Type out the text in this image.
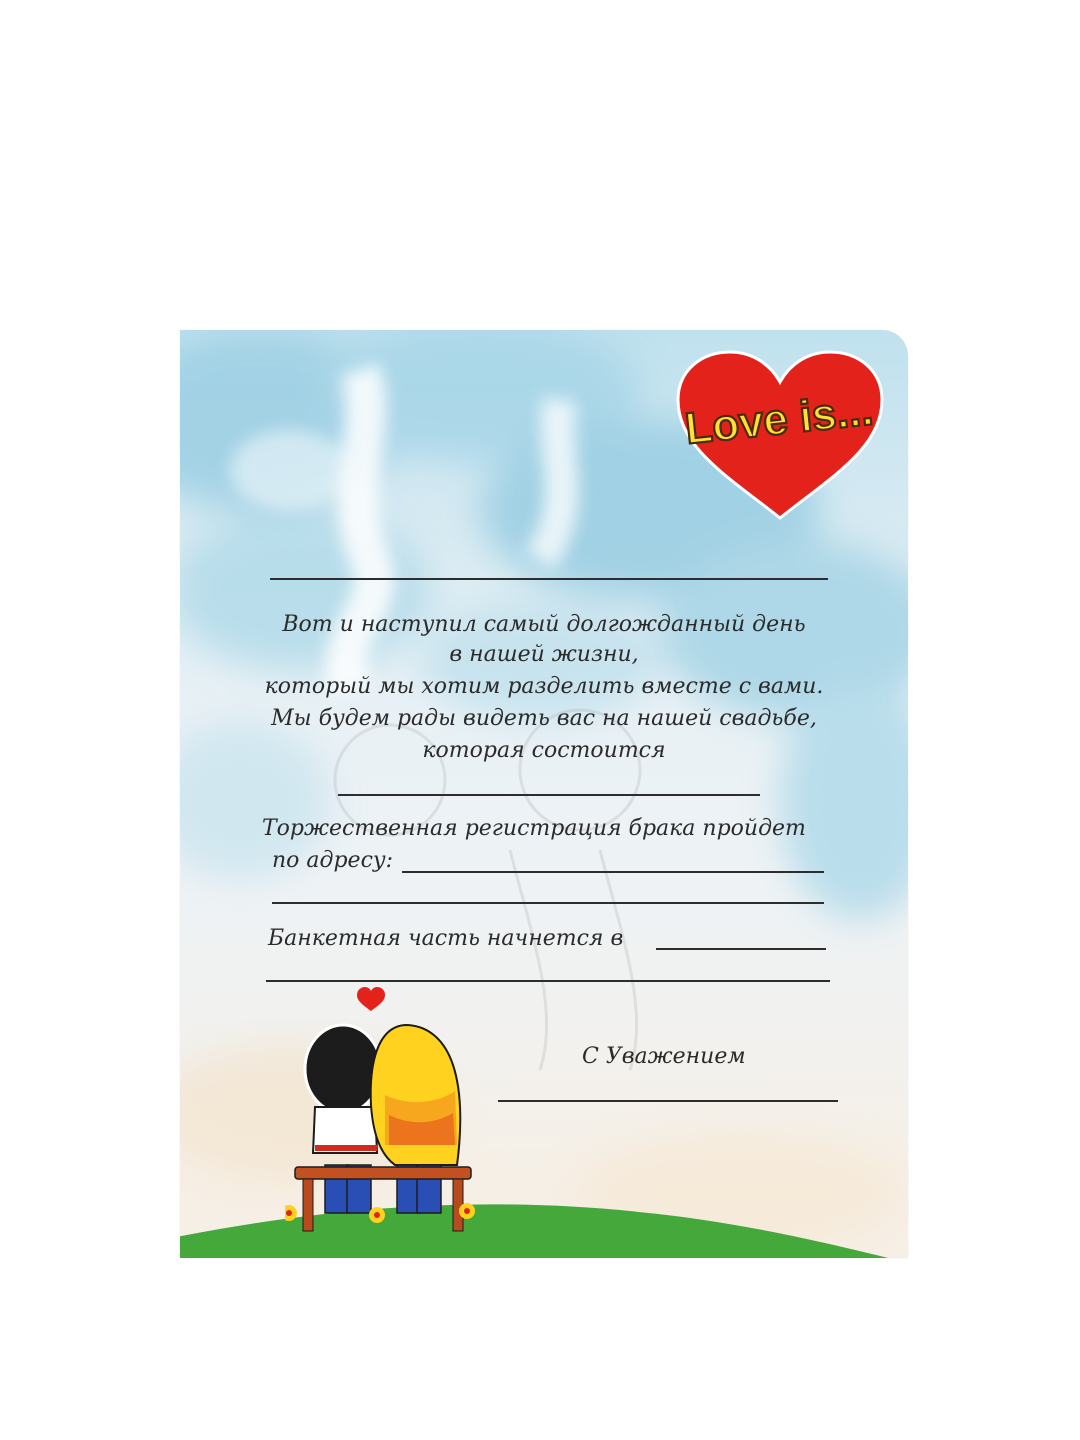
Love is...
Вот и наступил самый долгожданный день
в нашей жизни,
который мы хотим разделить вместе с вами.
Мы будем рады видеть вас на нашей свадьбе,
которая состоится
Торжественная регистрация брака пройдет
по адресу:
Банкетная часть начнется в
С Уважением
